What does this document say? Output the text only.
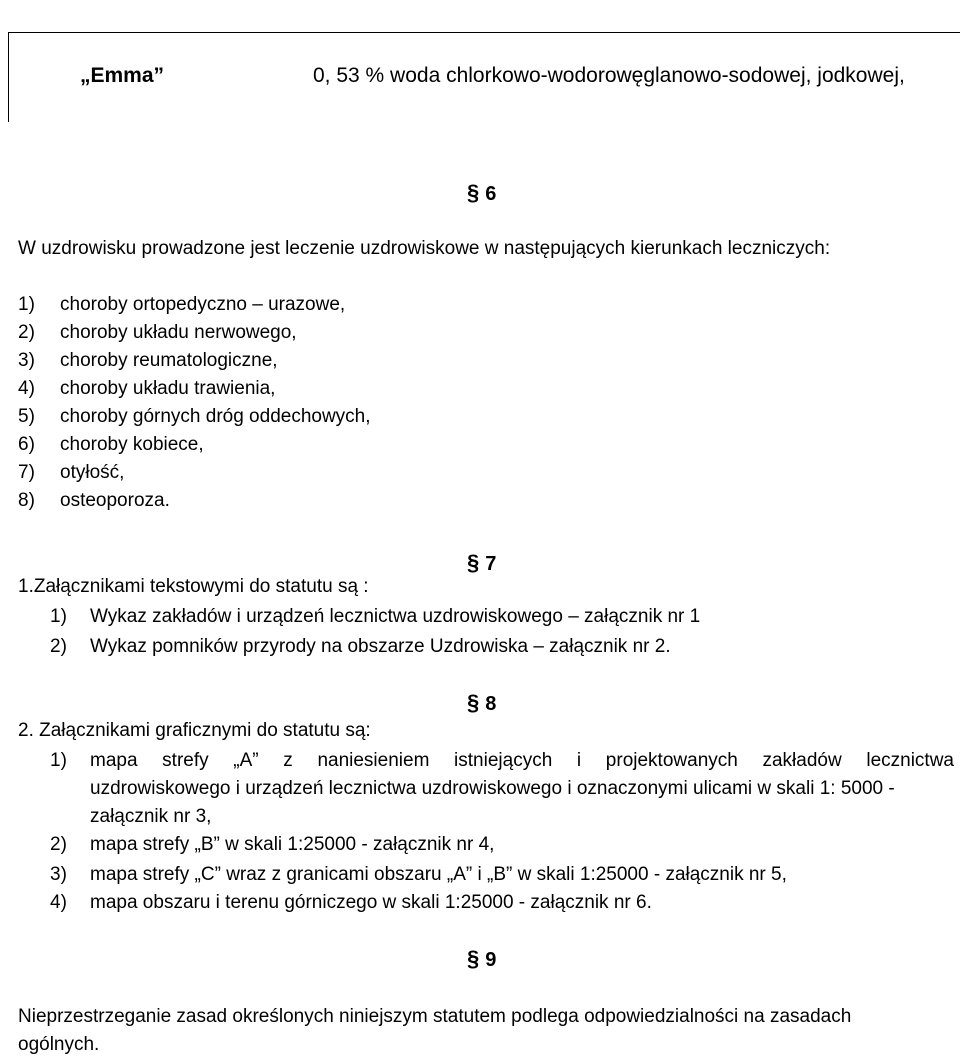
„Emma”	0, 53 % woda chlorkowo-wodorowęglanowo-sodowej, jodkowej,
§ 6
W uzdrowisku prowadzone jest leczenie uzdrowiskowe w następujących kierunkach leczniczych:
1) choroby ortopedyczno – urazowe,
2) choroby układu nerwowego,
3) choroby reumatologiczne,
4) choroby układu trawienia,
5) choroby górnych dróg oddechowych,
6) choroby kobiece,
7) otyłość,
8) osteoporoza.
§ 7
1.Załącznikami tekstowymi do statutu są :
1) Wykaz zakładów i urządzeń lecznictwa uzdrowiskowego – załącznik nr 1
2) Wykaz pomników przyrody na obszarze Uzdrowiska – załącznik nr 2.
§ 8
2. Załącznikami graficznymi do statutu są:
1)	mapa strefy „A” z naniesieniem istniejących i projektowanych zakładów lecznictwa
uzdrowiskowego i urządzeń lecznictwa uzdrowiskowego i oznaczonymi ulicami w skali 1: 5000 -
załącznik nr 3,
2) mapa strefy „B” w skali 1:25000 - załącznik nr 4,
3) mapa strefy „C” wraz z granicami obszaru „A” i „B” w skali 1:25000 - załącznik nr 5,
4) mapa obszaru i terenu górniczego w skali 1:25000 - załącznik nr 6.
§ 9
Nieprzestrzeganie zasad określonych niniejszym statutem podlega odpowiedzialności na zasadach
ogólnych.
